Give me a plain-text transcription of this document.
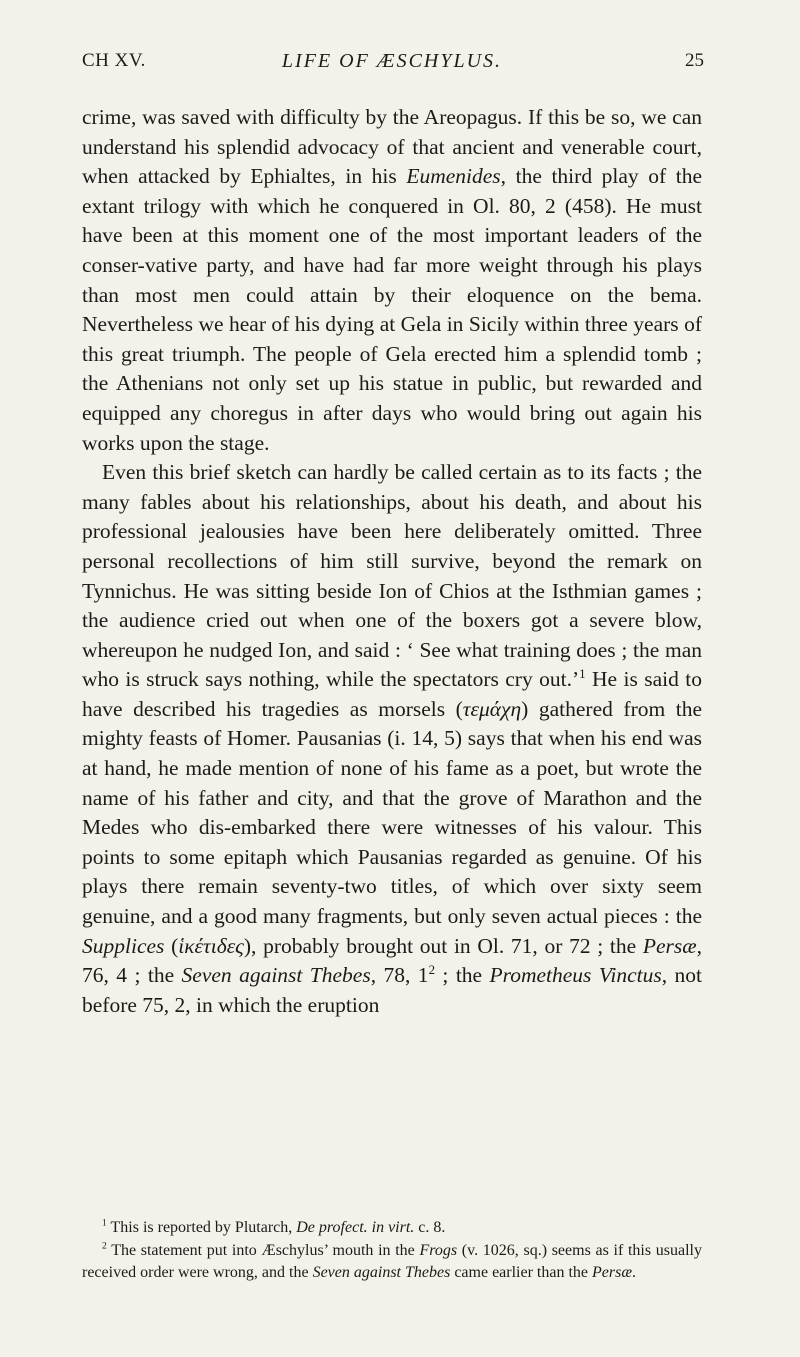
CH XV.	LIFE OF ÆSCHYLUS.	25

crime, was saved with difficulty by the Areopagus. If this be so, we can understand his splendid advocacy of that ancient and venerable court, when attacked by Ephialtes, in his Eumenides, the third play of the extant trilogy with which he conquered in Ol. 80, 2 (458). He must have been at this moment one of the most important leaders of the conser-vative party, and have had far more weight through his plays than most men could attain by their eloquence on the bema. Nevertheless we hear of his dying at Gela in Sicily within three years of this great triumph. The people of Gela erected him a splendid tomb ; the Athenians not only set up his statue in public, but rewarded and equipped any choregus in after days who would bring out again his works upon the stage.

Even this brief sketch can hardly be called certain as to its facts ; the many fables about his relationships, about his death, and about his professional jealousies have been here deliberately omitted. Three personal recollections of him still survive, beyond the remark on Tynnichus. He was sitting beside Ion of Chios at the Isthmian games ; the audience cried out when one of the boxers got a severe blow, whereupon he nudged Ion, and said : ‘ See what training does ; the man who is struck says nothing, while the spectators cry out.’$^1$ He is said to have described his tragedies as morsels (τεμάχη) gathered from the mighty feasts of Homer. Pausanias (i. 14, 5) says that when his end was at hand, he made mention of none of his fame as a poet, but wrote the name of his father and city, and that the grove of Marathon and the Medes who dis-embarked there were witnesses of his valour. This points to some epitaph which Pausanias regarded as genuine. Of his plays there remain seventy-two titles, of which over sixty seem genuine, and a good many fragments, but only seven actual pieces : the Supplices (ἱκέτιδες), probably brought out in Ol. 71, or 72 ; the Persæ, 76, 4 ; the Seven against Thebes, 78, $1^2$ ; the Prometheus Vinctus, not before 75, 2, in which the eruption

$^1$ This is reported by Plutarch, De profect. in virt. c. 8.

$^2$ The statement put into Æschylus’ mouth in the Frogs (v. 1026, sq.) seems as if this usually received order were wrong, and the Seven against Thebes came earlier than the Persæ.
